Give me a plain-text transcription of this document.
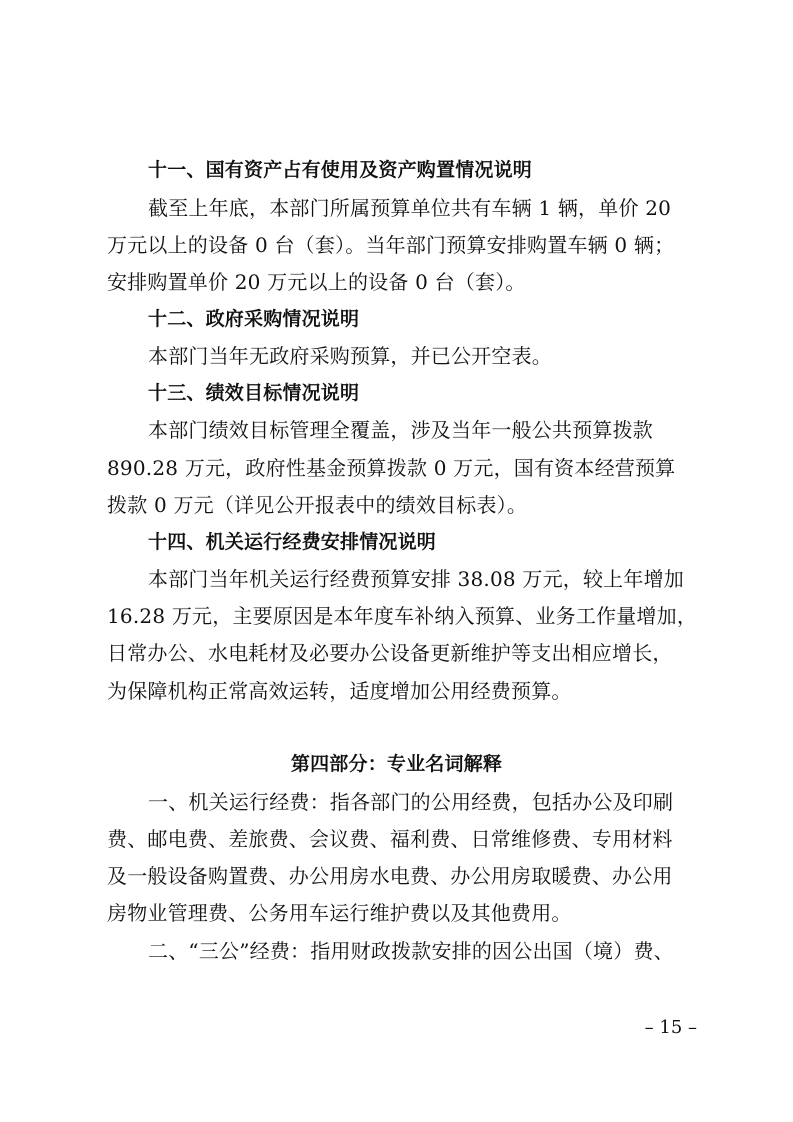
十一、国有资产占有使用及资产购置情况说明
截至上年底，本部门所属预算单位共有车辆 1 辆，单价 20
万元以上的设备 0 台（套）。当年部门预算安排购置车辆 0 辆；
安排购置单价 20 万元以上的设备 0 台（套）。
十二、政府采购情况说明
本部门当年无政府采购预算，并已公开空表。
十三、绩效目标情况说明
本部门绩效目标管理全覆盖，涉及当年一般公共预算拨款
890.28 万元，政府性基金预算拨款 0 万元，国有资本经营预算
拨款 0 万元（详见公开报表中的绩效目标表）。
十四、机关运行经费安排情况说明
本部门当年机关运行经费预算安排 38.08 万元，较上年增加
16.28 万元，主要原因是本年度车补纳入预算、业务工作量增加，
日常办公、水电耗材及必要办公设备更新维护等支出相应增长，
为保障机构正常高效运转，适度增加公用经费预算。
第四部分：专业名词解释
一、机关运行经费：指各部门的公用经费，包括办公及印刷
费、邮电费、差旅费、会议费、福利费、日常维修费、专用材料
及一般设备购置费、办公用房水电费、办公用房取暖费、办公用
房物业管理费、公务用车运行维护费以及其他费用。
二、“三公”经费：指用财政拨款安排的因公出国（境）费、
– 15 –
